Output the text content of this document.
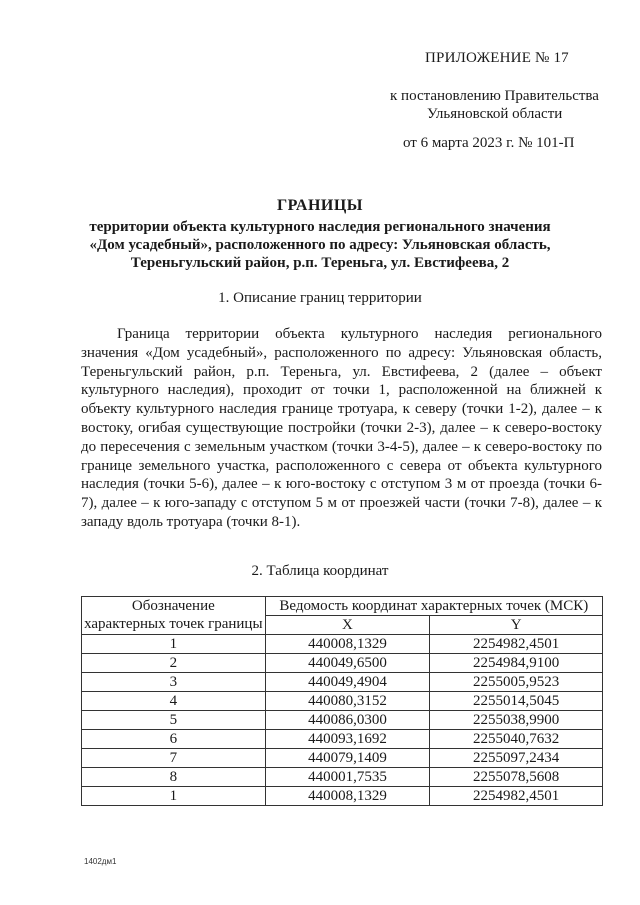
ПРИЛОЖЕНИЕ № 17
к постановлению Правительства
Ульяновской области
от 6 марта 2023 г. № 101-П
ГРАНИЦЫ
территории объекта культурного наследия регионального значения
«Дом усадебный», расположенного по адресу: Ульяновская область,
Тереньгульский район, р.п. Тереньга, ул. Евстифеева, 2
1. Описание границ территории
Граница территории объекта культурного наследия регионального значения «Дом усадебный», расположенного по адресу: Ульяновская область, Тереньгульский район, р.п. Тереньга, ул. Евстифеева, 2 (далее – объект культурного наследия), проходит от точки 1, расположенной на ближней к объекту культурного наследия границе тротуара, к северу (точки 1-2), далее – к востоку, огибая существующие постройки (точки 2-3), далее – к северо-востоку до пересечения с земельным участком (точки 3-4-5), далее – к северо-востоку по границе земельного участка, расположенного с севера от объекта культурного наследия (точки 5-6), далее – к юго-востоку с отступом 3 м от проезда (точки 6-7), далее – к юго-западу с отступом 5 м от проезжей части (точки 7-8), далее – к западу вдоль тротуара (точки 8-1).
2. Таблица координат
Обозначение	Ведомость координат характерных точек (МСК)	
характерных точек границы	X	Y
1	440008,1329	2254982,4501
2	440049,6500	2254984,9100
3	440049,4904	2255005,9523
4	440080,3152	2255014,5045
5	440086,0300	2255038,9900
6	440093,1692	2255040,7632
7	440079,1409	2255097,2434
8	440001,7535	2255078,5608
1	440008,1329	2254982,4501
1402дм1
